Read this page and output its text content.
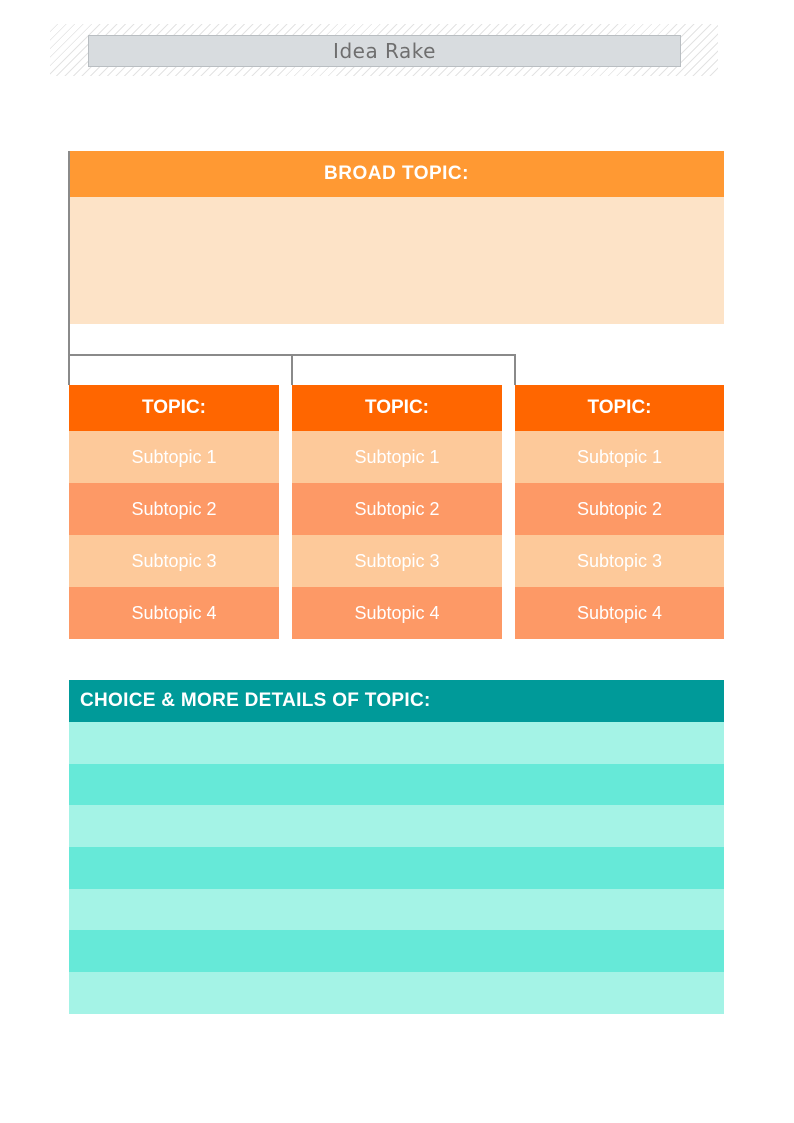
Idea Rake
BROAD TOPIC:
TOPIC:
Subtopic 1
Subtopic 2
Subtopic 3
Subtopic 4
TOPIC:
Subtopic 1
Subtopic 2
Subtopic 3
Subtopic 4
TOPIC:
Subtopic 1
Subtopic 2
Subtopic 3
Subtopic 4
CHOICE & MORE DETAILS OF TOPIC:
